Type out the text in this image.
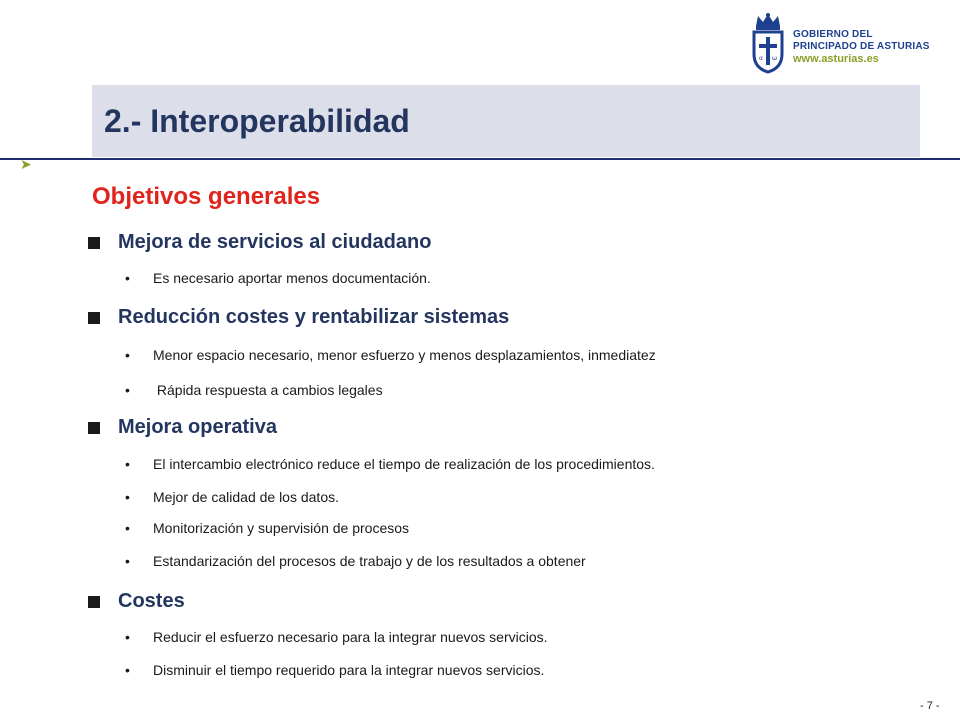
α ω
GOBIERNO DEL
PRINCIPADO DE ASTURIAS
www.asturias.es
2.- Interoperabilidad
➤
Objetivos generales
Mejora de servicios al ciudadano
• Es necesario aportar menos documentación.
Reducción costes y rentabilizar sistemas
• Menor espacio necesario, menor esfuerzo y menos desplazamientos, inmediatez
• Rápida respuesta a cambios legales
Mejora operativa
• El intercambio electrónico reduce el tiempo de realización de los procedimientos.
• Mejor de calidad de los datos.
• Monitorización y supervisión de procesos
• Estandarización del procesos de trabajo y de los resultados a obtener
Costes
• Reducir el esfuerzo necesario para la integrar nuevos servicios.
• Disminuir el tiempo requerido para la integrar nuevos servicios.
- 7 -
